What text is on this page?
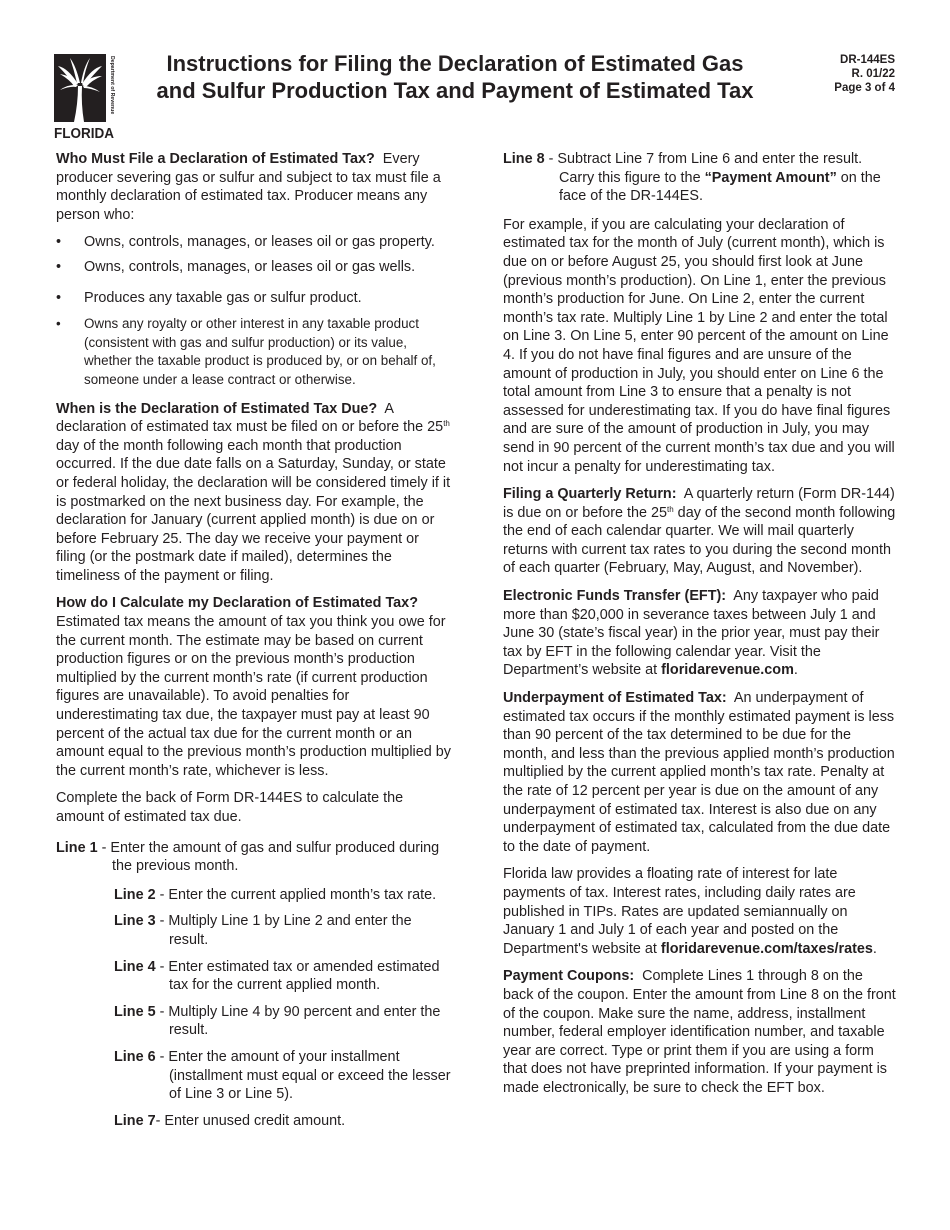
Department of Revenue
FLORIDA
Instructions for Filing the Declaration of Estimated Gas
and Sulfur Production Tax and Payment of Estimated Tax
DR-144ES
R. 01/22
Page 3 of 4

Who Must File a Declaration of Estimated Tax? Every producer severing gas or sulfur and subject to tax must file a monthly declaration of estimated tax. Producer means any person who:

• Owns, controls, manages, or leases oil or gas property.
• Owns, controls, manages, or leases oil or gas wells.
• Produces any taxable gas or sulfur product.
• Owns any royalty or other interest in any taxable product (consistent with gas and sulfur production) or its value, whether the taxable product is produced by, or on behalf of, someone under a lease contract or otherwise.

When is the Declaration of Estimated Tax Due? A declaration of estimated tax must be filed on or before the 25th day of the month following each month that production occurred. If the due date falls on a Saturday, Sunday, or state or federal holiday, the declaration will be considered timely if it is postmarked on the next business day. For example, the declaration for January (current applied month) is due on or before February 25. The day we receive your payment or filing (or the postmark date if mailed), determines the timeliness of the payment or filing.

How do I Calculate my Declaration of Estimated Tax?
Estimated tax means the amount of tax you think you owe for the current month. The estimate may be based on current production figures or on the previous month’s production multiplied by the current month’s rate (if current production figures are unavailable). To avoid penalties for underestimating tax due, the taxpayer must pay at least 90 percent of the actual tax due for the current month or an amount equal to the previous month’s production multiplied by the current month’s rate, whichever is less.

Complete the back of Form DR-144ES to calculate the amount of estimated tax due.

Line 1 - Enter the amount of gas and sulfur produced during the previous month.
Line 2 - Enter the current applied month’s tax rate.
Line 3 - Multiply Line 1 by Line 2 and enter the result.
Line 4 - Enter estimated tax or amended estimated tax for the current applied month.
Line 5 - Multiply Line 4 by 90 percent and enter the result.
Line 6 - Enter the amount of your installment (installment must equal or exceed the lesser of Line 3 or Line 5).
Line 7- Enter unused credit amount.
Line 8 - Subtract Line 7 from Line 6 and enter the result. Carry this figure to the “Payment Amount” on the face of the DR-144ES.

For example, if you are calculating your declaration of estimated tax for the month of July (current month), which is due on or before August 25, you should first look at June (previous month’s production). On Line 1, enter the previous month’s production for June. On Line 2, enter the current month’s tax rate. Multiply Line 1 by Line 2 and enter the total on Line 3. On Line 5, enter 90 percent of the amount on Line 4. If you do not have final figures and are unsure of the amount of production in July, you should enter on Line 6 the total amount from Line 3 to ensure that a penalty is not assessed for underestimating tax. If you do have final figures and are sure of the amount of production in July, you may send in 90 percent of the current month’s tax due and you will not incur a penalty for underestimating tax.

Filing a Quarterly Return: A quarterly return (Form DR-144) is due on or before the 25th day of the second month following the end of each calendar quarter. We will mail quarterly returns with current tax rates to you during the second month of each quarter (February, May, August, and November).

Electronic Funds Transfer (EFT): Any taxpayer who paid more than $20,000 in severance taxes between July 1 and June 30 (state’s fiscal year) in the prior year, must pay their tax by EFT in the following calendar year. Visit the Department’s website at floridarevenue.com.

Underpayment of Estimated Tax: An underpayment of estimated tax occurs if the monthly estimated payment is less than 90 percent of the tax determined to be due for the month, and less than the previous applied month’s production multiplied by the current applied month’s tax rate. Penalty at the rate of 12 percent per year is due on the amount of any underpayment of estimated tax. Interest is also due on any underpayment of estimated tax, calculated from the due date to the date of payment.

Florida law provides a floating rate of interest for late payments of tax. Interest rates, including daily rates are published in TIPs. Rates are updated semiannually on January 1 and July 1 of each year and posted on the Department's website at floridarevenue.com/taxes/rates.

Payment Coupons: Complete Lines 1 through 8 on the back of the coupon. Enter the amount from Line 8 on the front of the coupon. Make sure the name, address, installment number, federal employer identification number, and taxable year are correct. Type or print them if you are using a form that does not have preprinted information. If your payment is made electronically, be sure to check the EFT box.
